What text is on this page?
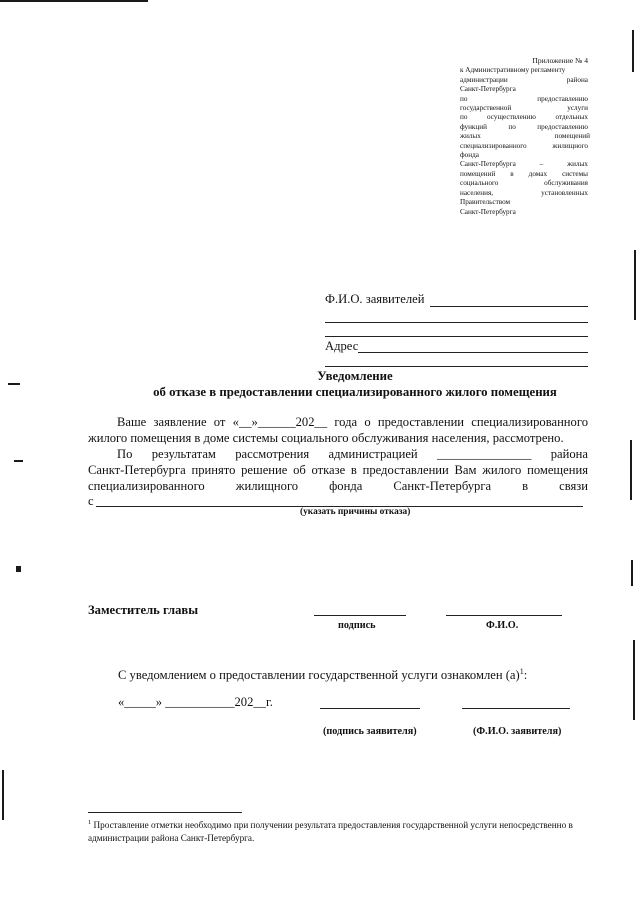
Приложение № 4
к Административному регламенту
администрации района
Санкт-Петербурга
по предоставлению
государственной услуги
по осуществлению отдельных
функций по предоставлению
жилых помещений
специализированного жилищного
фонда
Санкт-Петербурга – жилых
помещений в домах системы
социального обслуживания
населения, установленных
Правительством
Санкт-Петербурга
Ф.И.О. заявителей
Адрес
Уведомление
об отказе в предоставлении специализированного жилого помещения
Ваше заявление от «__»______202__ года о предоставлении специализированного
жилого помещения в доме системы социального обслуживания населения, рассмотрено.
По результатам рассмотрения администрацией _______________ района
Санкт-Петербурга принято решение об отказе в предоставлении Вам жилого помещения
специализированного жилищного фонда Санкт-Петербурга в связи
с
(указать причины отказа)
Заместитель главы
подпись	Ф.И.О.
С уведомлением о предоставлении государственной услуги ознакомлен $(а)^1$:
«_____» ___________202__г.
(подпись заявителя)	(Ф.И.О. заявителя)
$^1$ Проставление отметки необходимо при получении результата предоставления государственной услуги непосредственно в администрации района Санкт-Петербурга.
